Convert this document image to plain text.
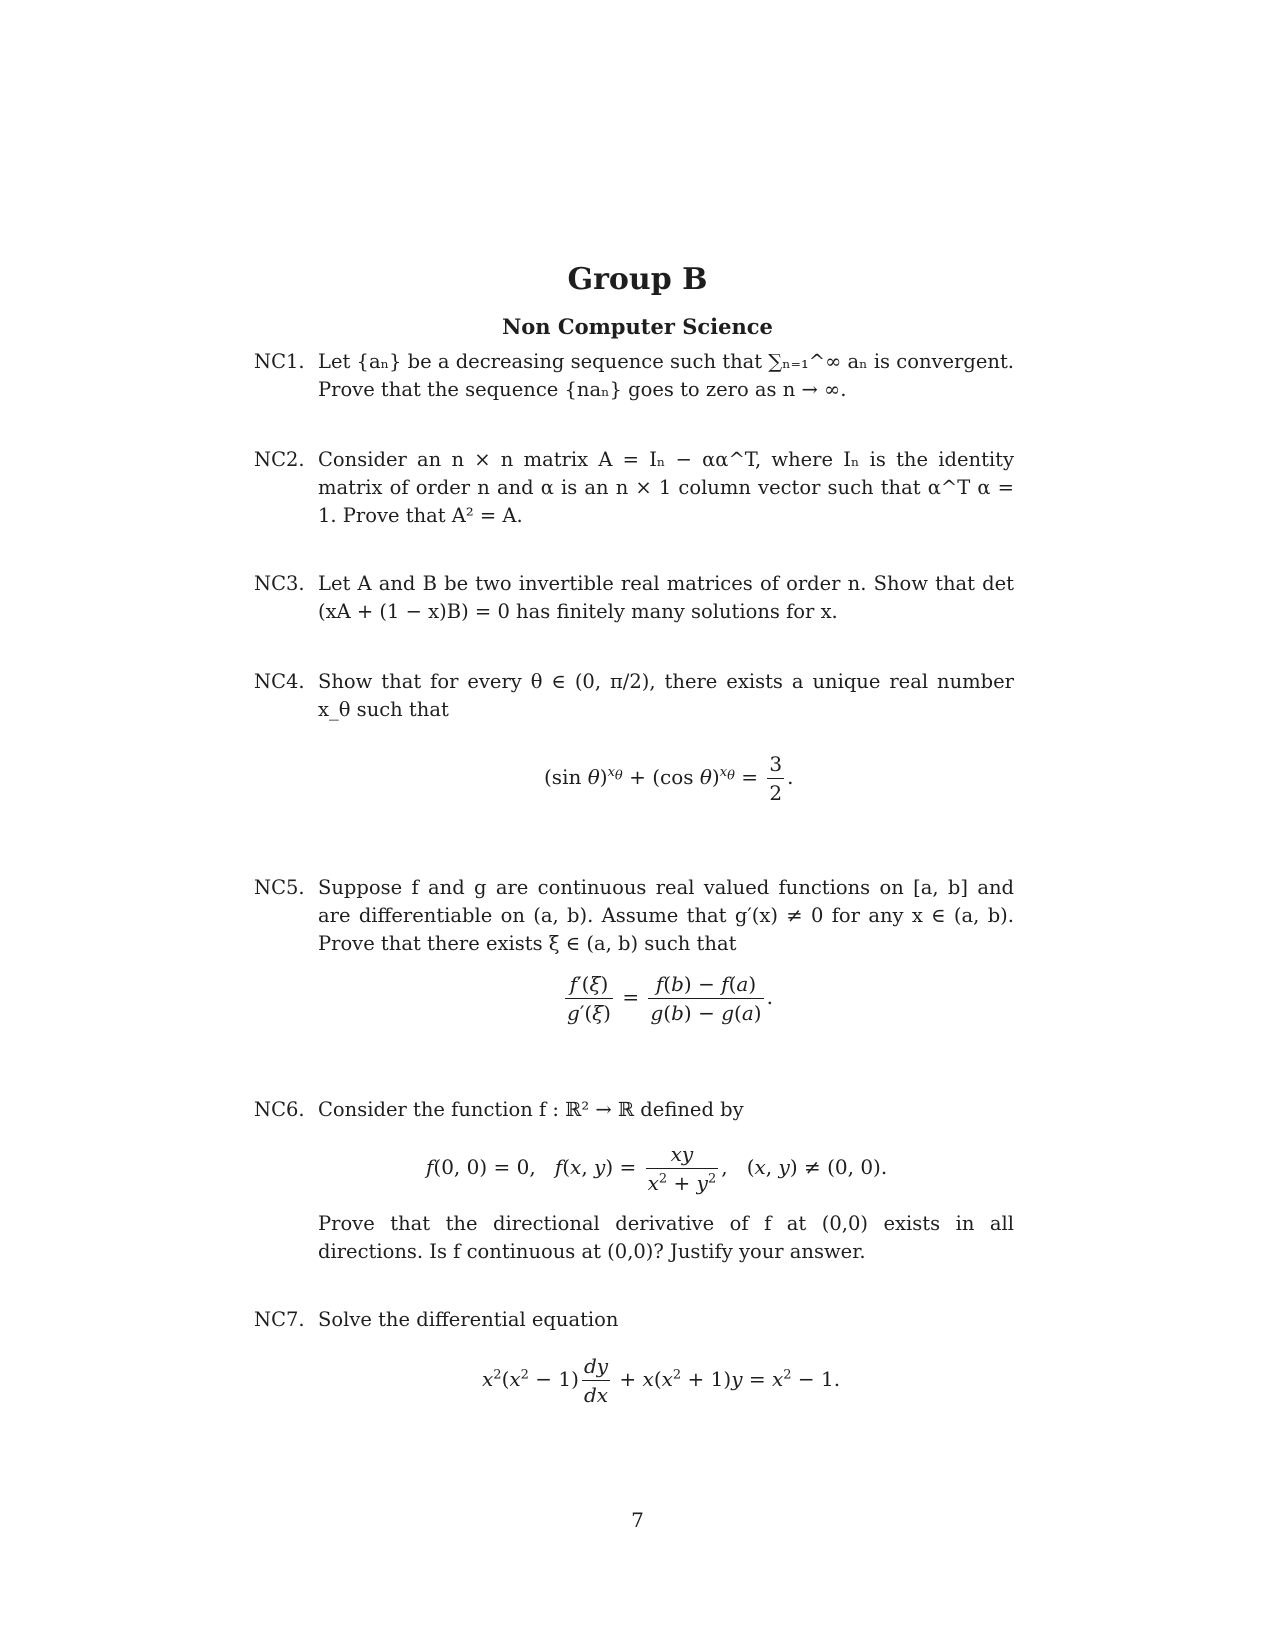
Group B
Non Computer Science
NC1. Let {aₙ} be a decreasing sequence such that ∑ₙ₌₁^∞ aₙ is convergent. Prove that the sequence {naₙ} goes to zero as n → ∞.
NC2. Consider an n × n matrix A = Iₙ − αα^T, where Iₙ is the identity matrix of order n and α is an n × 1 column vector such that α^T α = 1. Prove that A² = A.
NC3. Let A and B be two invertible real matrices of order n. Show that det (xA + (1 − x)B) = 0 has finitely many solutions for x.
NC4. Show that for every θ ∈ (0, π/2), there exists a unique real number x_θ such that
(sin θ)$^{x_\theta}$ + (cos $\theta)^{x_\theta} = \frac{3}{2}$ .
NC5. Suppose f and g are continuous real valued functions on [a, b] and are differentiable on (a, b). Assume that g′(x) ≠ 0 for any x ∈ (a, b). Prove that there exists ξ ∈ (a, b) such that
$\frac{f'(\xi)}{g'(\xi)} = \frac{f(b) - f(a)}{g(b) - g(a)}$ .
NC6. Consider the function f : ℝ² → ℝ defined by
f(0, 0) = 0,   f(x, $y) = \frac{xy}{x^2 + y^2}$ ,   (x, y) ≠ (0, 0).
Prove that the directional derivative of f at (0,0) exists in all directions. Is f continuous at (0,0)? Justify your answer.
NC7. Solve the differential equation
$x^2(x^2 - 1) \frac{dy}{dx} + x(x^2 + 1)y = x^2 - 1$.
7
